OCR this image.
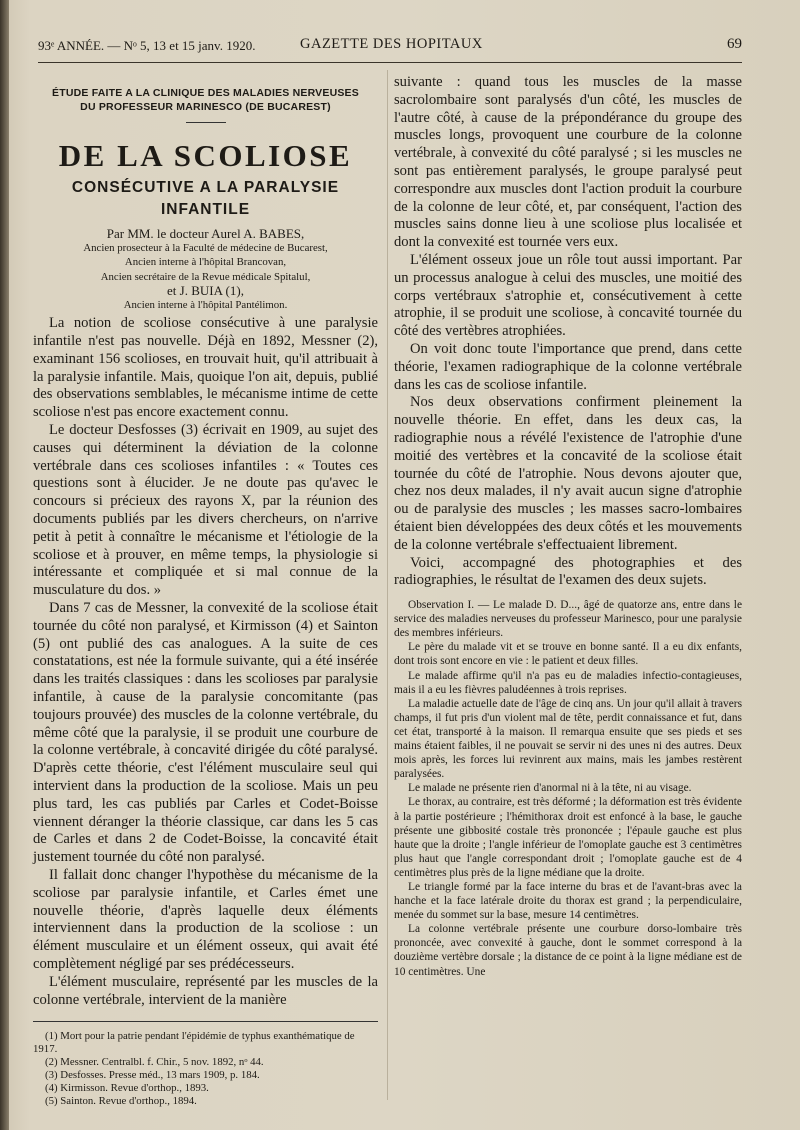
93ᵉ ANNÉE. — Nᵒ 5, 13 et 15 janv. 1920.	GAZETTE DES HOPITAUX	69
ÉTUDE FAITE A LA CLINIQUE DES MALADIES NERVEUSES
DU PROFESSEUR MARINESCO (DE BUCAREST)
DE LA SCOLIOSE
CONSÉCUTIVE A LA PARALYSIE INFANTILE
Par MM. le docteur Aurel A. BABES,
Ancien prosecteur à la Faculté de médecine de Bucarest,
Ancien interne à l'hôpital Brancovan,
Ancien secrétaire de la Revue médicale Spitalul,
et J. BUIA (1),
Ancien interne à l'hôpital Pantélimon.

La notion de scoliose consécutive à une paralysie infantile n'est pas nouvelle. Déjà en 1892, Messner (2), examinant 156 scolioses, en trouvait huit, qu'il attribuait à la paralysie infantile. Mais, quoique l'on ait, depuis, publié des observations semblables, le mécanisme intime de cette scoliose n'est pas encore exactement connu.

Le docteur Desfosses (3) écrivait en 1909, au sujet des causes qui déterminent la déviation de la colonne vertébrale dans ces scolioses infantiles : « Toutes ces questions sont à élucider. Je ne doute pas qu'avec le concours si précieux des rayons X, par la réunion des documents publiés par les divers chercheurs, on n'arrive petit à petit à connaître le mécanisme et l'étiologie de la scoliose et à prouver, en même temps, la physiologie si intéressante et compliquée et si mal connue de la musculature du dos. »

Dans 7 cas de Messner, la convexité de la scoliose était tournée du côté non paralysé, et Kirmisson (4) et Sainton (5) ont publié des cas analogues. A la suite de ces constatations, est née la formule suivante, qui a été insérée dans les traités classiques : dans les scolioses par paralysie infantile, à cause de la paralysie concomitante (pas toujours prouvée) des muscles de la colonne vertébrale, du même côté que la paralysie, il se produit une courbure de la colonne vertébrale, à concavité dirigée du côté paralysé. D'après cette théorie, c'est l'élément musculaire seul qui intervient dans la production de la scoliose. Mais un peu plus tard, les cas publiés par Carles et Codet-Boisse viennent déranger la théorie classique, car dans les 5 cas de Carles et dans 2 de Codet-Boisse, la concavité était justement tournée du côté non paralysé.

Il fallait donc changer l'hypothèse du mécanisme de la scoliose par paralysie infantile, et Carles émet une nouvelle théorie, d'après laquelle deux éléments interviennent dans la production de la scoliose : un élément musculaire et un élément osseux, qui avait été complètement négligé par ses prédécesseurs.

L'élément musculaire, représenté par les muscles de la colonne vertébrale, intervient de la manière

(1) Mort pour la patrie pendant l'épidémie de typhus exanthématique de 1917.

(2) Messner. Centralbl. f. Chir., 5 nov. 1892, nᵒ 44.

(3) Desfosses. Presse méd., 13 mars 1909, p. 184.

(4) Kirmisson. Revue d'orthop., 1893.

(5) Sainton. Revue d'orthop., 1894.

suivante : quand tous les muscles de la masse sacrolombaire sont paralysés d'un côté, les muscles de l'autre côté, à cause de la prépondérance du groupe des muscles longs, provoquent une courbure de la colonne vertébrale, à convexité du côté paralysé ; si les muscles ne sont pas entièrement paralysés, le groupe paralysé peut correspondre aux muscles dont l'action produit la courbure de la colonne de leur côté, et, par conséquent, l'action des muscles sains donne lieu à une scoliose plus localisée et dont la convexité est tournée vers eux.

L'élément osseux joue un rôle tout aussi important. Par un processus analogue à celui des muscles, une moitié des corps vertébraux s'atrophie et, consécutivement à cette atrophie, il se produit une scoliose, à concavité tournée du côté des vertèbres atrophiées.

On voit donc toute l'importance que prend, dans cette théorie, l'examen radiographique de la colonne vertébrale dans les cas de scoliose infantile.

Nos deux observations confirment pleinement la nouvelle théorie. En effet, dans les deux cas, la radiographie nous a révélé l'existence de l'atrophie d'une moitié des vertèbres et la concavité de la scoliose était tournée du côté de l'atrophie. Nous devons ajouter que, chez nos deux malades, il n'y avait aucun signe d'atrophie ou de paralysie des muscles ; les masses sacro-lombaires étaient bien développées des deux côtés et les mouvements de la colonne vertébrale s'effectuaient librement.

Voici, accompagné des photographies et des radiographies, le résultat de l'examen des deux sujets.

Observation I. — Le malade D. D..., âgé de quatorze ans, entre dans le service des maladies nerveuses du professeur Marinesco, pour une paralysie des membres inférieurs.

Le père du malade vit et se trouve en bonne santé. Il a eu dix enfants, dont trois sont encore en vie : le patient et deux filles.

Le malade affirme qu'il n'a pas eu de maladies infectio-contagieuses, mais il a eu les fièvres paludéennes à trois reprises.

La maladie actuelle date de l'âge de cinq ans. Un jour qu'il allait à travers champs, il fut pris d'un violent mal de tête, perdit connaissance et fut, dans cet état, transporté à la maison. Il remarqua ensuite que ses pieds et ses mains étaient faibles, il ne pouvait se servir ni des unes ni des autres. Deux mois après, les forces lui revinrent aux mains, mais les jambes restèrent paralysées.

Le malade ne présente rien d'anormal ni à la tête, ni au visage.

Le thorax, au contraire, est très déformé ; la déformation est très évidente à la partie postérieure ; l'hémithorax droit est enfoncé à la base, le gauche présente une gibbosité costale très prononcée ; l'épaule gauche est plus haute que la droite ; l'angle inférieur de l'omoplate gauche est 3 centimètres plus haut que l'angle correspondant droit ; l'omoplate gauche est de 4 centimètres plus près de la ligne médiane que la droite.

Le triangle formé par la face interne du bras et de l'avant-bras avec la hanche et la face latérale droite du thorax est grand ; la perpendiculaire, menée du sommet sur la base, mesure 14 centimètres.

La colonne vertébrale présente une courbure dorso-lombaire très prononcée, avec convexité à gauche, dont le sommet correspond à la douzième vertèbre dorsale ; la distance de ce point à la ligne médiane est de 10 centimètres. Une
